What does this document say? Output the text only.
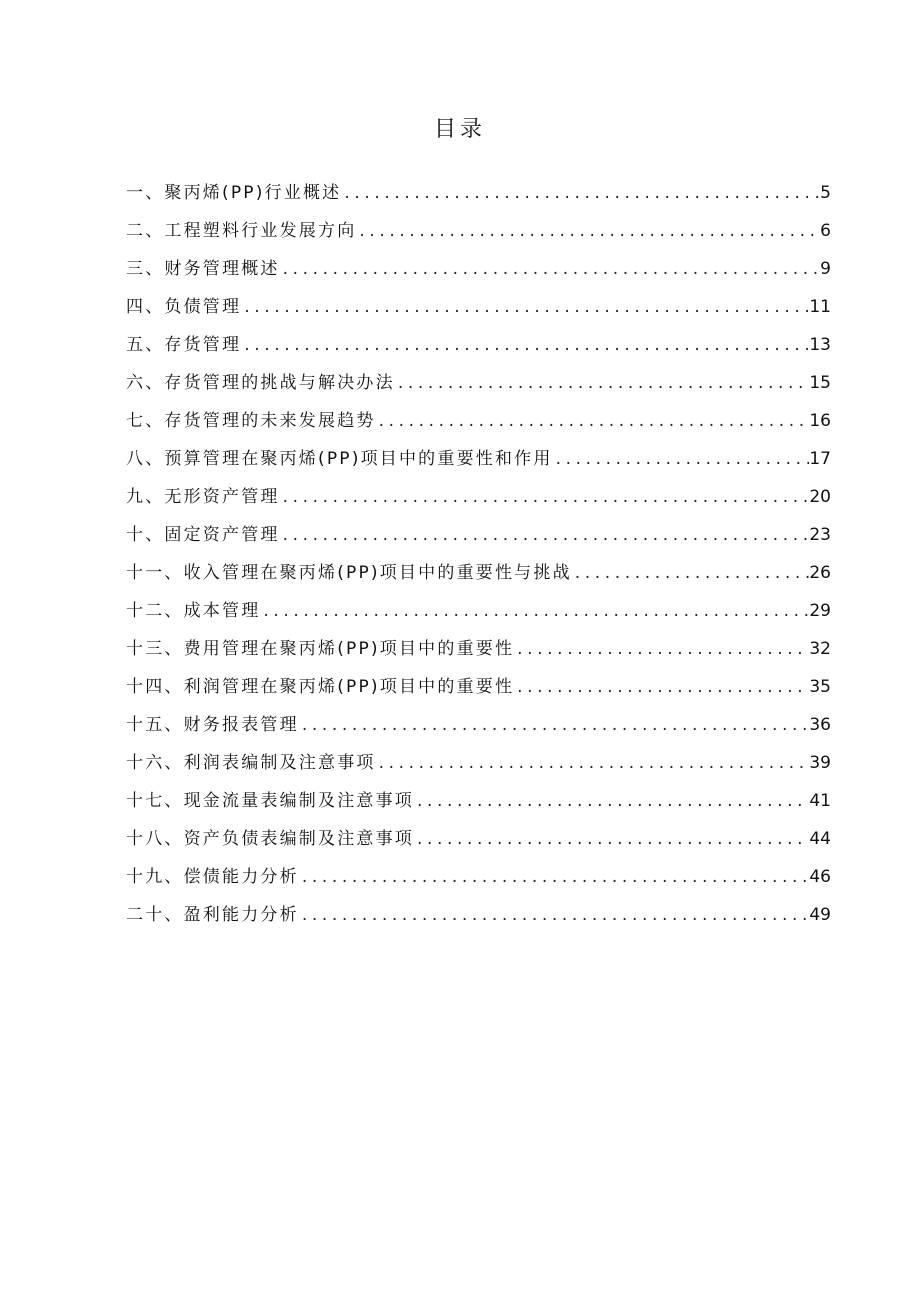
目录
一、聚丙烯(PP)行业概述 .....	5
二、工程塑料行业发展方向 .....	6
三、财务管理概述 .....	9
四、负债管理 .....	11
五、存货管理 .....	13
六、存货管理的挑战与解决办法 .....	15
七、存货管理的未来发展趋势 .....	16
八、预算管理在聚丙烯(PP)项目中的重要性和作用 .....	17
九、无形资产管理 .....	20
十、固定资产管理 .....	23
十一、收入管理在聚丙烯(PP)项目中的重要性与挑战 .....	26
十二、成本管理 .....	29
十三、费用管理在聚丙烯(PP)项目中的重要性 .....	32
十四、利润管理在聚丙烯(PP)项目中的重要性 .....	35
十五、财务报表管理 .....	36
十六、利润表编制及注意事项 .....	39
十七、现金流量表编制及注意事项 .....	41
十八、资产负债表编制及注意事项 .....	44
十九、偿债能力分析 .....	46
二十、盈利能力分析 .....	49
